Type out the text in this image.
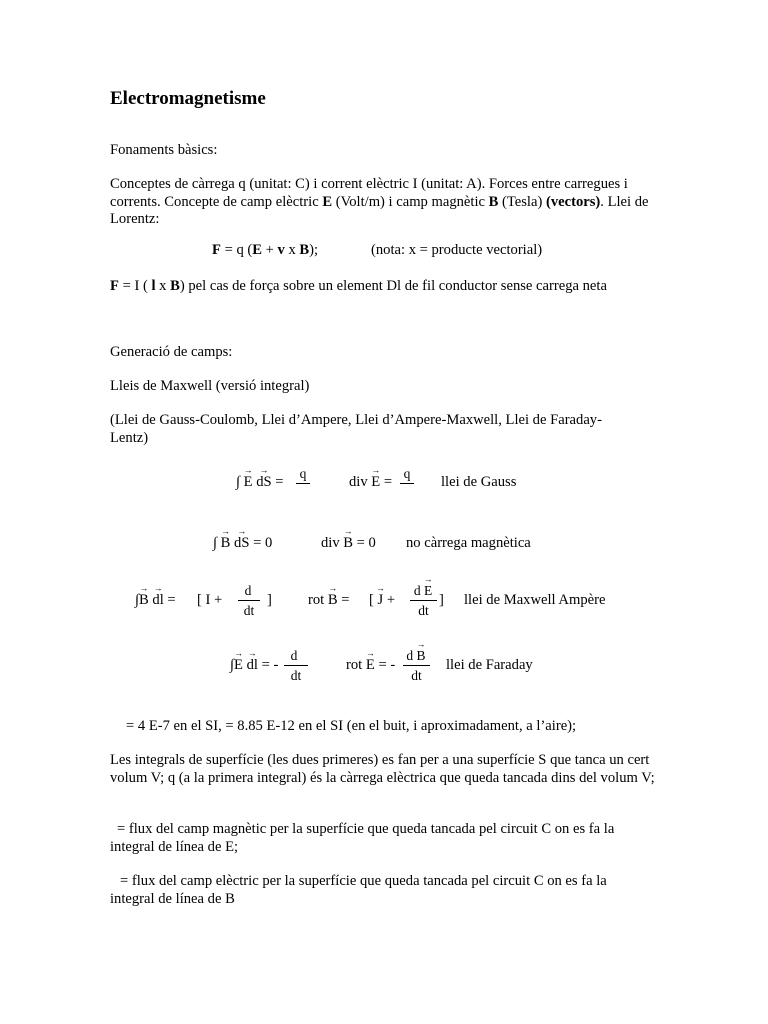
Electromagnetisme
Fonaments bàsics:
Conceptes de càrrega q (unitat: C) i corrent elèctric I (unitat: A). Forces entre carregues i corrents. Concepte de camp elèctric E (Volt/m) i camp magnètic B (Tesla) (vectors). Llei de Lorentz:
F = q (E + v x B);	(nota: x = producte vectorial)
F = I ( l x B) pel cas de força sobre un element Dl de fil conductor sense carrega neta
Generació de camps:
Lleis de Maxwell (versió integral)
(Llei de Gauss-Coulomb, Llei d’Ampere, Llei d’Ampere-Maxwell, Llei de Faraday-Lentz)
∫ → E → dS =
q
div → E =
q
llei de Gauss
∫ → B → dS = 0	div → B = 0 no càrrega magnètica
∫→ B → dl = [ I +
d
dt
] rot → B = [ → J +
d → E
dt
] llei de Maxwell Ampère
∫→ E → dl = -
d
dt
rot → E = -
d → B
dt
llei de Faraday
= 4 E-7 en el SI, = 8.85 E-12 en el SI (en el buit, i aproximadament, a l’aire);
Les integrals de superfície (les dues primeres) es fan per a una superfície S que tanca un cert volum V; q (a la primera integral) és la càrrega elèctrica que queda tancada dins del volum V;
= flux del camp magnètic per la superfície que queda tancada pel circuit C on es fa la integral de línea de E;
= flux del camp elèctric per la superfície que queda tancada pel circuit C on es fa la integral de línea de B
